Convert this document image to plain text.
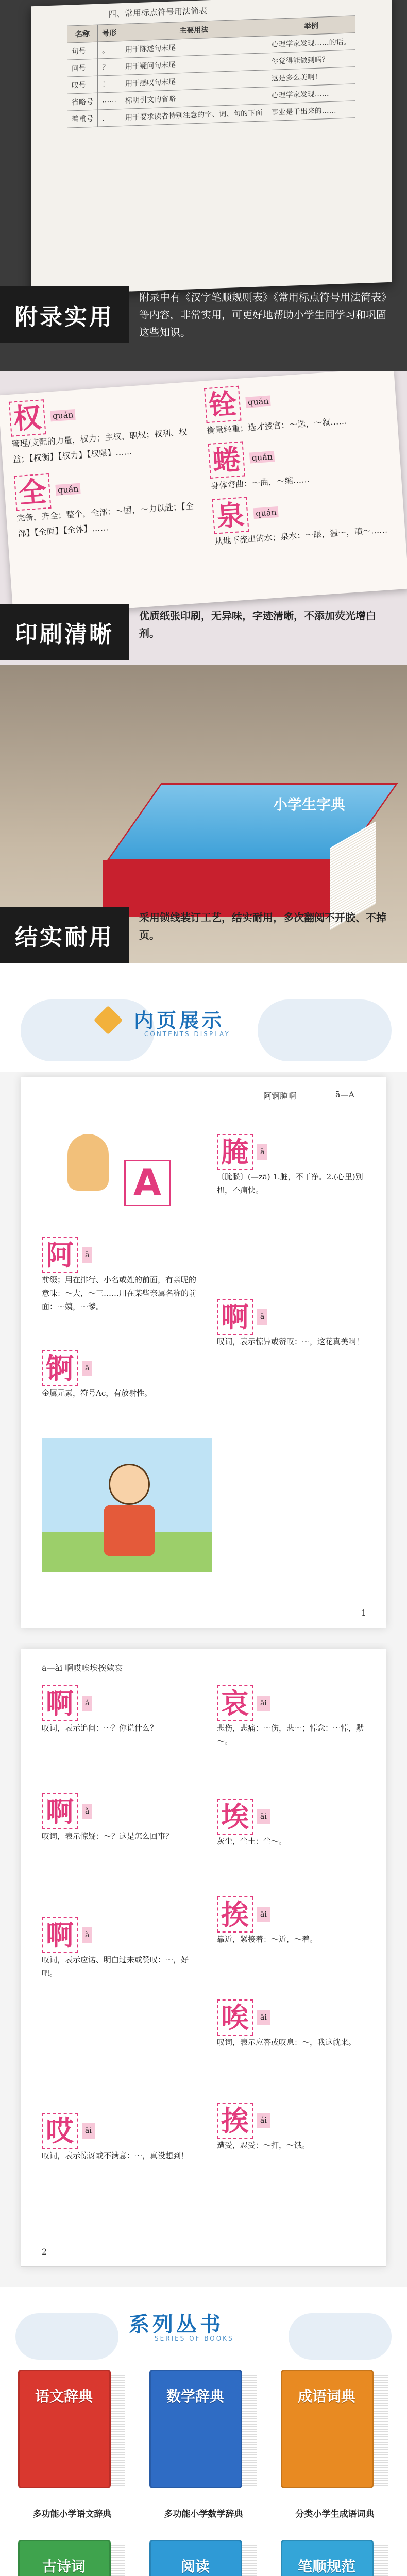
四、常用标点符号用法简表
名称	号形	主要用法	举例
句号	。	用于陈述句末尾	心理学家发现……的话。
问号	？	用于疑问句末尾	你觉得能做到吗？
叹号	！	用于感叹句末尾	这是多么美啊！
省略号	……	标明引文的省略	心理学家发现……
着重号	．	用于要求读者特别注意的字、词、句的下面	事业是干出来的……
附录实用
附录中有《汉字笔顺规则表》《常用标点符号用法简表》等内容，非常实用，可更好地帮助小学生同学习和巩固这些知识。
权 quán
管理/支配的力量，权力；主权、职权；权利、权益；【权衡】【权力】【权限】……
全 quán
完备，齐全；整个，全部：～国，～力以赴；【全部】【全面】【全体】……
铨 quán
衡量轻重；选才授官：～选，～叙……
蜷 quán
身体弯曲：～曲，～缩……
泉 quán
从地下流出的水；泉水：～眼，温～，喷～……
印刷清晰
优质纸张印刷，无异味，字迹清晰，不添加荧光增白剂。
小学生字典
结实耐用
采用锁线装订工艺，结实耐用，多次翻阅不开胶、不掉页。
内页展示
CONTENTS DISPLAY
阿锕腌啊	ā—A
A
阿	ā
前缀；用在排行、小名或姓的前面，有亲昵的意味：～大，～三……用在某些亲属名称的前面：～姨，～爹。
锕	ā
金属元素，符号Ac，有放射性。
腌	ā
〔腌臜〕(—zā) 1.脏，不干净。2.(心里)别扭，不痛快。
啊	ā
叹词，表示惊异或赞叹：～，这花真美啊！
1
ā—ài 啊哎唉埃挨欸哀
啊	á
叹词，表示追问：～？你说什么？
啊	ǎ
叹词，表示惊疑：～？这是怎么回事？
啊	à
叹词，表示应诺、明白过来或赞叹：～，好吧。
哎	āi
叹词，表示惊讶或不满意：～，真没想到！
哀	āi
悲伤，悲痛：～伤，悲～；悼念：～悼，默～。
埃	āi
灰尘，尘土：尘～。
挨	āi
靠近，紧接着：～近，～着。
唉	āi
叹词，表示应答或叹息：～，我这就来。
挨	ái
遭受，忍受：～打，～饿。
2
系列丛书
SERIES OF BOOKS
语文辞典
多功能小学语文辞典
数学辞典
多功能小学数学辞典
成语词典
分类小学生成语词典
古诗词	阅读	笔顺规范
